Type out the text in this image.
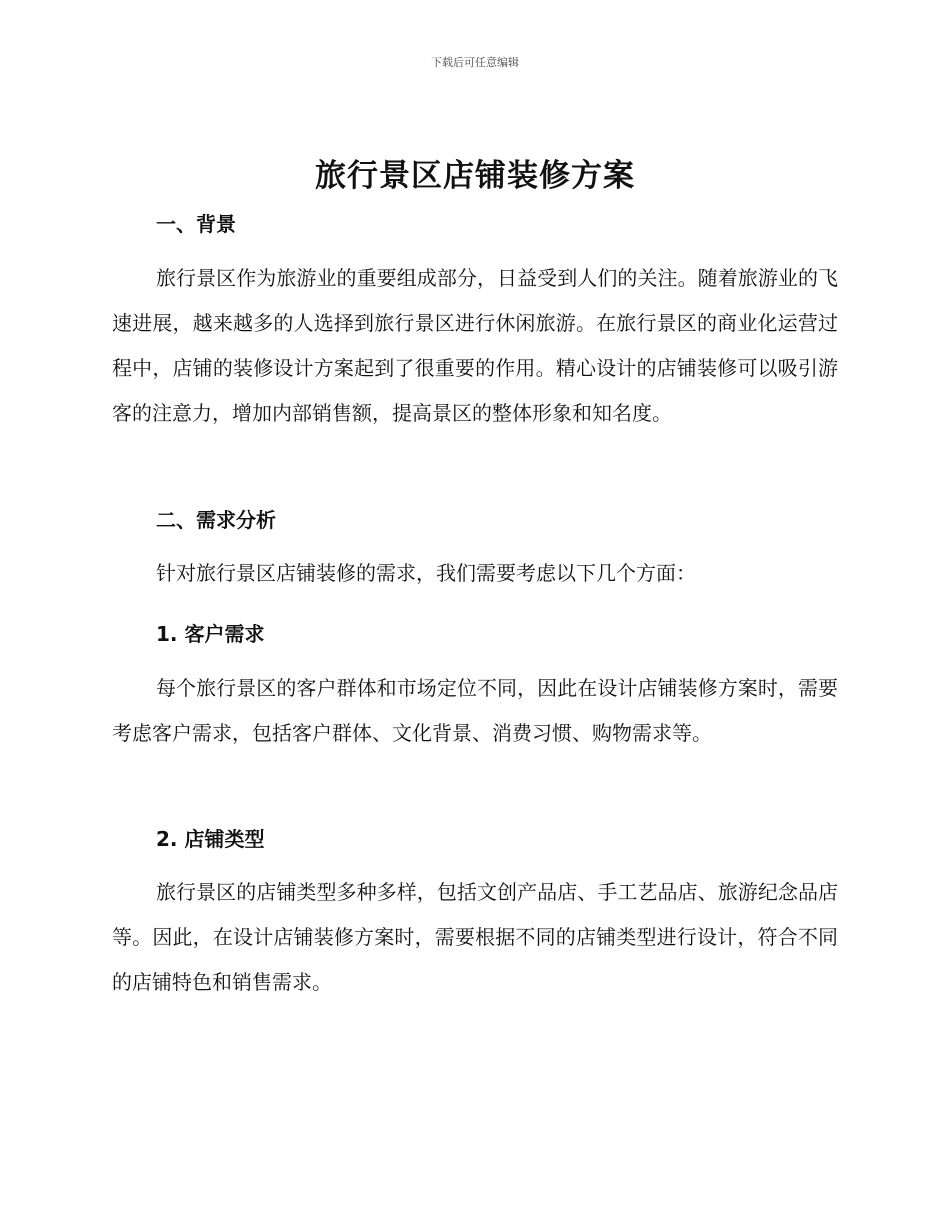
下载后可任意编辑
旅行景区店铺装修方案
一、背景

旅行景区作为旅游业的重要组成部分，日益受到人们的关注。随着旅游业的飞速进展，越来越多的人选择到旅行景区进行休闲旅游。在旅行景区的商业化运营过程中，店铺的装修设计方案起到了很重要的作用。精心设计的店铺装修可以吸引游客的注意力，增加内部销售额，提高景区的整体形象和知名度。

二、需求分析

针对旅行景区店铺装修的需求，我们需要考虑以下几个方面：

1. 客户需求

每个旅行景区的客户群体和市场定位不同，因此在设计店铺装修方案时，需要考虑客户需求，包括客户群体、文化背景、消费习惯、购物需求等。

2. 店铺类型

旅行景区的店铺类型多种多样，包括文创产品店、手工艺品店、旅游纪念品店等。因此，在设计店铺装修方案时，需要根据不同的店铺类型进行设计，符合不同的店铺特色和销售需求。
